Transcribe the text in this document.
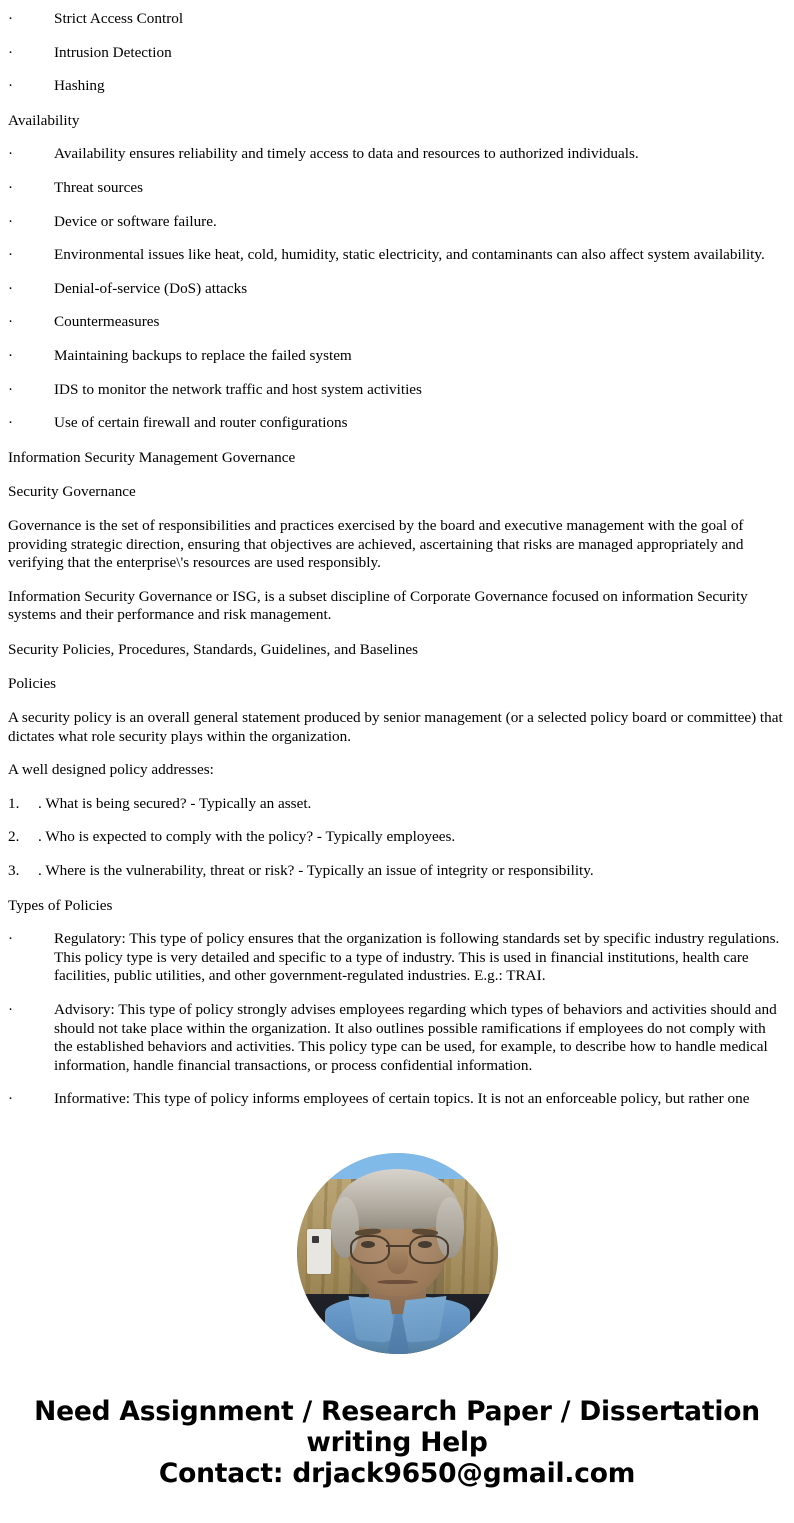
·	Strict Access Control
·	Intrusion Detection
·	Hashing
Availability
·	Availability ensures reliability and timely access to data and resources to authorized individuals.
·	Threat sources
·	Device or software failure.
·	Environmental issues like heat, cold, humidity, static electricity, and contaminants can also affect system availability.
·	Denial-of-service (DoS) attacks
·	Countermeasures
·	Maintaining backups to replace the failed system
·	IDS to monitor the network traffic and host system activities
·	Use of certain firewall and router configurations
Information Security Management Governance
Security Governance
Governance is the set of responsibilities and practices exercised by the board and executive management with the goal of providing strategic direction, ensuring that objectives are achieved, ascertaining that risks are managed appropriately and verifying that the enterprise\'s resources are used responsibly.
Information Security Governance or ISG, is a subset discipline of Corporate Governance focused on information Security systems and their performance and risk management.
Security Policies, Procedures, Standards, Guidelines, and Baselines
Policies
A security policy is an overall general statement produced by senior management (or a selected policy board or committee) that dictates what role security plays within the organization.
A well designed policy addresses:
1.	. What is being secured? - Typically an asset.
2.	. Who is expected to comply with the policy? - Typically employees.
3.	. Where is the vulnerability, threat or risk? - Typically an issue of integrity or responsibility.
Types of Policies
·	Regulatory: This type of policy ensures that the organization is following standards set by specific industry regulations. This policy type is very detailed and specific to a type of industry. This is used in financial institutions, health care facilities, public utilities, and other government-regulated industries. E.g.: TRAI.
·	Advisory: This type of policy strongly advises employees regarding which types of behaviors and activities should and should not take place within the organization. It also outlines possible ramifications if employees do not comply with the established behaviors and activities. This policy type can be used, for example, to describe how to handle medical information, handle financial transactions, or process confidential information.
·	Informative: This type of policy informs employees of certain topics. It is not an enforceable policy, but rather one
Need Assignment / Research Paper / Dissertation
writing Help
Contact: drjack9650@gmail.com
